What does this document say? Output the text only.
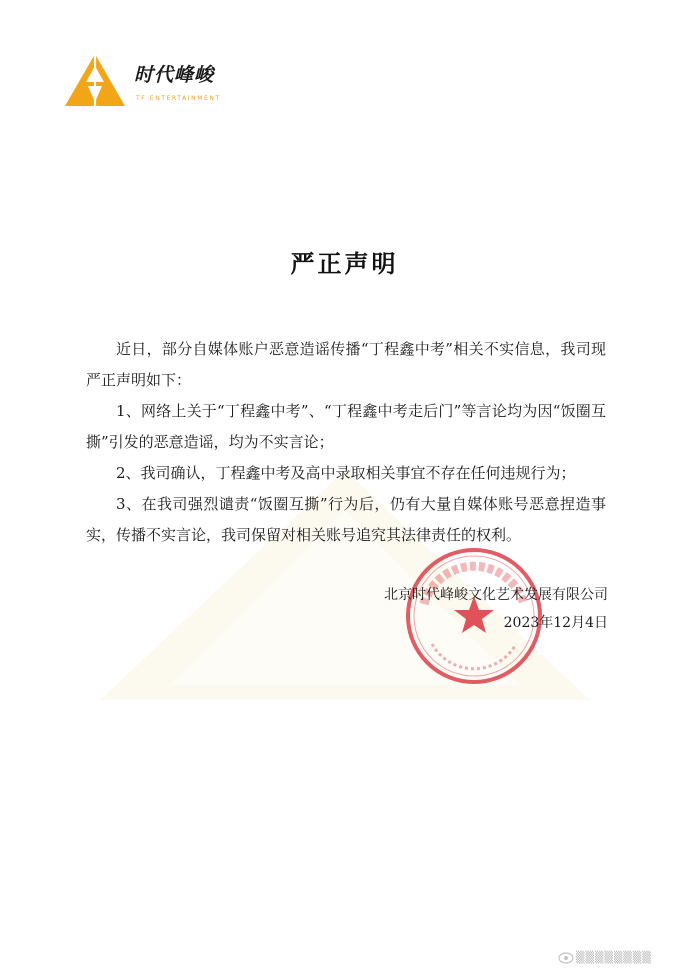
时代峰峻
TF ENTERTAINMENT
严正声明

近日，部分自媒体账户恶意造谣传播“丁程鑫中考”相关不实信息，我司现严正声明如下：

1、网络上关于“丁程鑫中考”、“丁程鑫中考走后门”等言论均为因“饭圈互撕”引发的恶意造谣，均为不实言论；

2、我司确认，丁程鑫中考及高中录取相关事宜不存在任何违规行为；

3、在我司强烈谴责“饭圈互撕”行为后，仍有大量自媒体账号恶意捏造事实，传播不实言论，我司保留对相关账号追究其法律责任的权利。

北京时代峰峻文化艺术发展有限公司
2023年12月4日
▒▒▒▒▒▒▒▒
